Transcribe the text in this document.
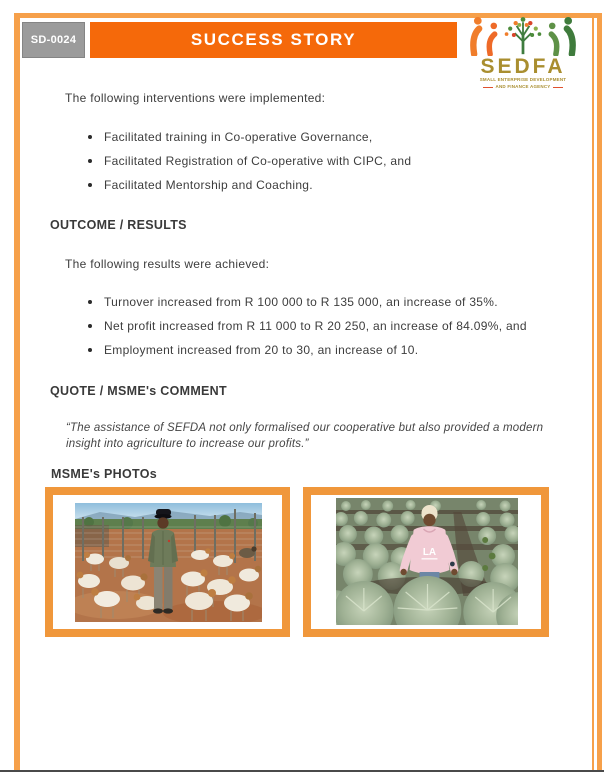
SD-0024	SUCCESS STORY
SEDFA
SMALL ENTERPRISE DEVELOPMENT
AND FINANCE AGENCY
The following interventions were implemented:
Facilitated training in Co-operative Governance,
Facilitated Registration of Co-operative with CIPC, and
Facilitated Mentorship and Coaching.
OUTCOME / RESULTS
The following results were achieved:
Turnover increased from R 100 000 to R 135 000, an increase of 35%.
Net profit increased from R 11 000 to R 20 250, an increase of 84.09%, and
Employment increased from 20 to 30, an increase of 10.
QUOTE / MSME's COMMENT
“The assistance of SEFDA not only formalised our cooperative but also provided a modern insight into agriculture to increase our profits.”
MSME's PHOTOs
LA
